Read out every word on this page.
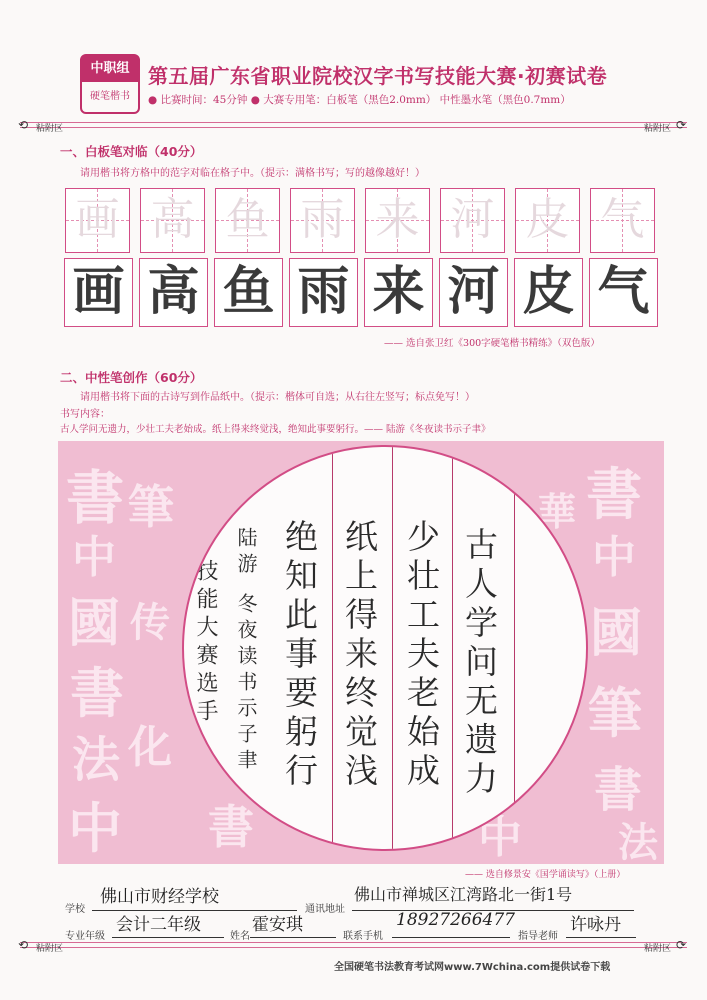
中职组
硬笔楷书
第五届广东省职业院校汉字书写技能大赛·初赛试卷
● 比赛时间：45分钟 ● 大赛专用笔：白板笔（黑色2.0mm） 中性墨水笔（黑色0.7mm）
⟲ 粘附区	粘附区 ⟳
一、白板笔对临（40分）
请用楷书将方格中的范字对临在格子中。（提示：满格书写；写的越像越好！）
画 高 鱼 雨 来 河 皮 气
画 高 鱼 雨 来 河 皮 气
—— 选自张卫红《300字硬笔楷书精练》（双色版）
二、中性笔创作（60分）
请用楷书将下面的古诗写到作品纸中。（提示：楷体可自选；从右往左竖写；标点免写！）
书写内容：
古人学问无遗力，少壮工夫老始成。纸上得来终觉浅，绝知此事要躬行。—— 陆游《冬夜读书示子聿》
書
中
國
書
法
中
筆
传
化
書
中
國
筆
書
法
華
書	中
古人学问无遗力
少壮工夫老始成
纸上得来终觉浅
绝知此事要躬行
陆游
冬夜读书示子聿
技能大赛选手
—— 选自修景安《国学诵读写》（上册）
学校
佛山市财经学校
通讯地址
佛山市禅城区江湾路北一街1号
专业年级
会计二年级
姓名
霍安琪
联系手机
18927266477
指导老师
许咏丹
⟲ 粘附区	粘附区 ⟳
全国硬笔书法教育考试网www.7Wchina.com提供试卷下载
